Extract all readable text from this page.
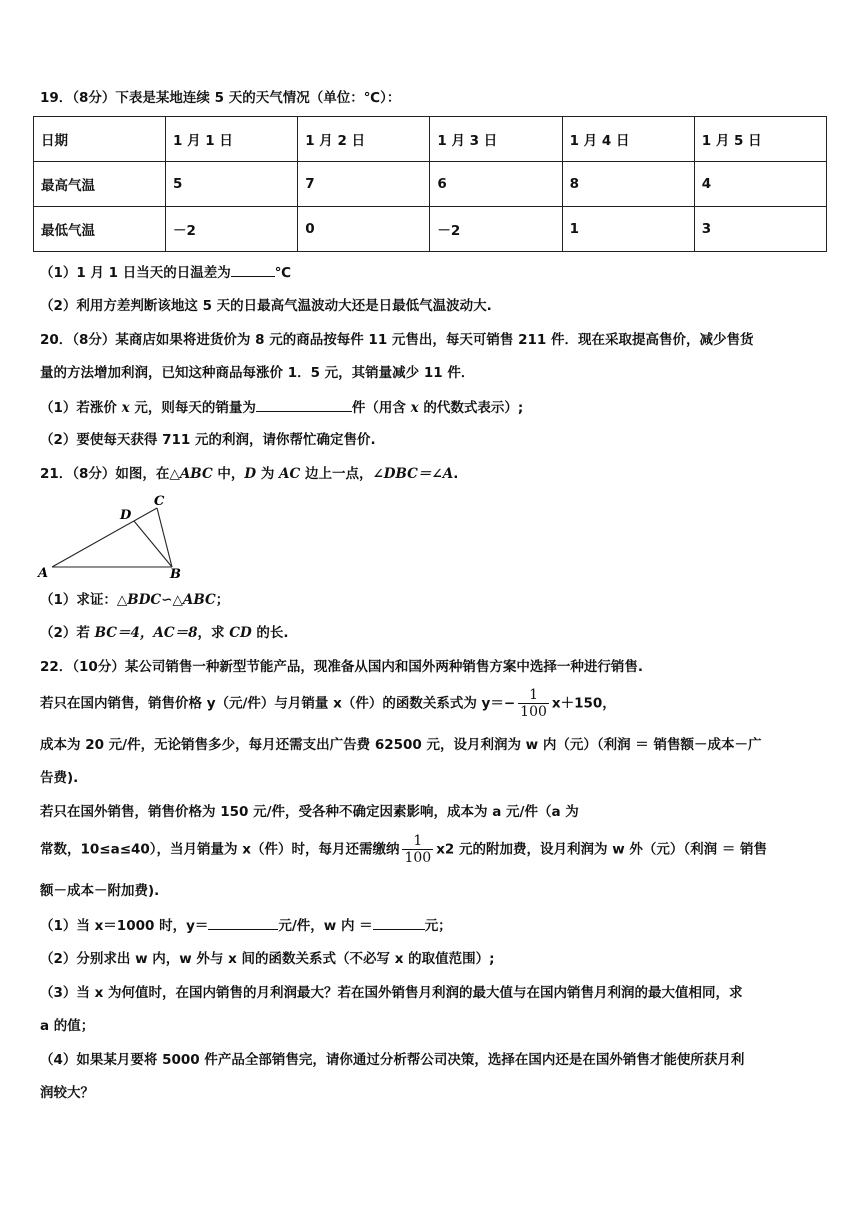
19．（8分）下表是某地连续 5 天的天气情况（单位：℃）：
日期	1 月 1 日	1 月 2 日	1 月 3 日	1 月 4 日	1 月 5 日
最高气温	5	7	6	8	4
最低气温	－2	0	－2	1	3
（1）1 月 1 日当天的日温差为	℃
（2）利用方差判断该地这 5 天的日最高气温波动大还是日最低气温波动大.
20．（8分）某商店如果将进货价为 8 元的商品按每件 11 元售出，每天可销售 211 件．现在采取提高售价，减少售货
量的方法增加利润，已知这种商品每涨价 1．5 元，其销量减少 11 件．
（1）若涨价 x 元，则每天的销量为	件（用含 x 的代数式表示）;
（2）要使每天获得 711 元的利润，请你帮忙确定售价.
21．（8分）如图，在△ABC 中，D 为 AC 边上一点，∠DBC＝∠A.
A	B
C
D
（1）求证：△BDC∽△ABC；
（2）若 BC＝4，AC＝8，求 CD 的长.
22．（10分）某公司销售一种新型节能产品，现准备从国内和国外两种销售方案中选择一种进行销售.
若只在国内销售，销售价格 y（元/件）与月销量 x（件）的函数关系式为 $y=- \frac{1}{100} x+150$，
成本为 20 元/件，无论销售多少，每月还需支出广告费 62500 元，设月利润为 w 内（元）（利润 ＝ 销售额－成本－广
告费).
若只在国外销售，销售价格为 150 元/件，受各种不确定因素影响，成本为 a 元/件（a 为
常数，10≤a≤40），当月销量为 x（件）时，每月还需缴纳 $\frac{1}{100} x2$ 元的附加费，设月利润为 w 外（元）（利润 ＝ 销售
额－成本－附加费).
（1）当 x＝1000 时，y＝	元/件，w 内 ＝	元；
（2）分别求出 w 内，w 外与 x 间的函数关系式（不必写 x 的取值范围）;
（3）当 x 为何值时，在国内销售的月利润最大？若在国外销售月利润的最大值与在国内销售月利润的最大值相同，求
a 的值；
（4）如果某月要将 5000 件产品全部销售完，请你通过分析帮公司决策，选择在国内还是在国外销售才能使所获月利
润较大？
